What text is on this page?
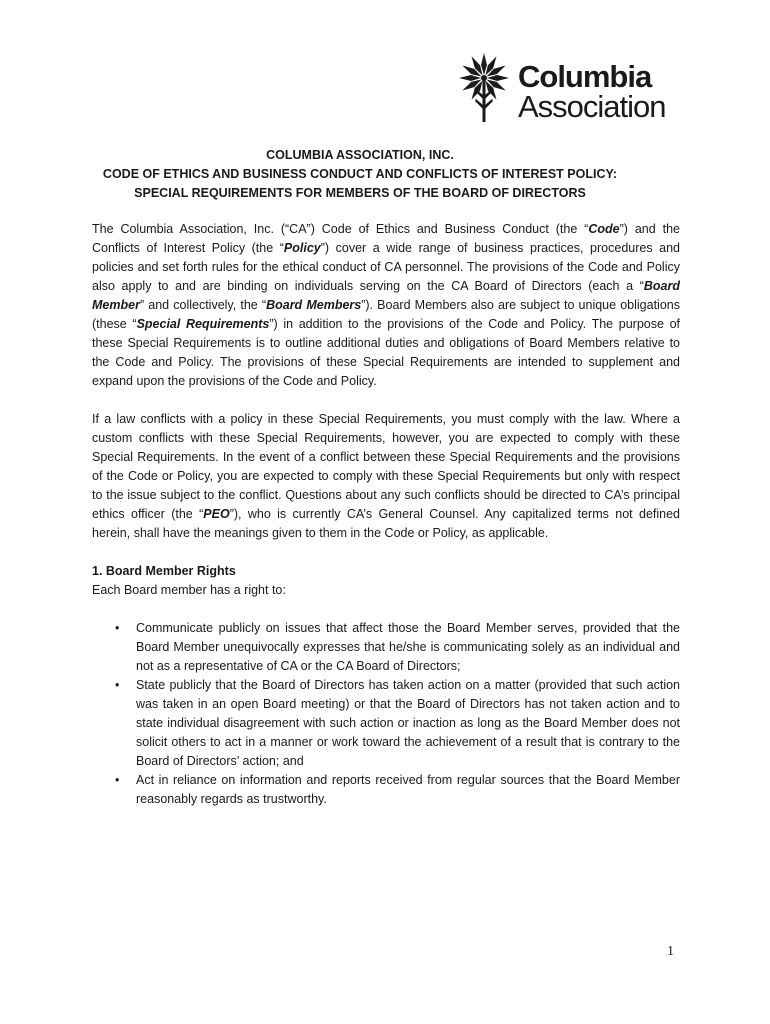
Columbia
Association
COLUMBIA ASSOCIATION, INC.
CODE OF ETHICS AND BUSINESS CONDUCT AND CONFLICTS OF INTEREST POLICY:
SPECIAL REQUIREMENTS FOR MEMBERS OF THE BOARD OF DIRECTORS

The Columbia Association, Inc. (“CA”) Code of Ethics and Business Conduct (the “Code”) and the Conflicts of Interest Policy (the “Policy”) cover a wide range of business practices, procedures and policies and set forth rules for the ethical conduct of CA personnel. The provisions of the Code and Policy also apply to and are binding on individuals serving on the CA Board of Directors (each a “Board Member” and collectively, the “Board Members”). Board Members also are subject to unique obligations (these “Special Requirements”) in addition to the provisions of the Code and Policy. The purpose of these Special Requirements is to outline additional duties and obligations of Board Members relative to the Code and Policy. The provisions of these Special Requirements are intended to supplement and expand upon the provisions of the Code and Policy.

If a law conflicts with a policy in these Special Requirements, you must comply with the law. Where a custom conflicts with these Special Requirements, however, you are expected to comply with these Special Requirements. In the event of a conflict between these Special Requirements and the provisions of the Code or Policy, you are expected to comply with these Special Requirements but only with respect to the issue subject to the conflict. Questions about any such conflicts should be directed to CA’s principal ethics officer (the “PEO”), who is currently CA’s General Counsel. Any capitalized terms not defined herein, shall have the meanings given to them in the Code or Policy, as applicable.

1. Board Member Rights

Each Board member has a right to:

• Communicate publicly on issues that affect those the Board Member serves, provided that the Board Member unequivocally expresses that he/she is communicating solely as an individual and not as a representative of CA or the CA Board of Directors;
• State publicly that the Board of Directors has taken action on a matter (provided that such action was taken in an open Board meeting) or that the Board of Directors has not taken action and to state individual disagreement with such action or inaction as long as the Board Member does not solicit others to act in a manner or work toward the achievement of a result that is contrary to the Board of Directors’ action; and
• Act in reliance on information and reports received from regular sources that the Board Member reasonably regards as trustworthy.
1
